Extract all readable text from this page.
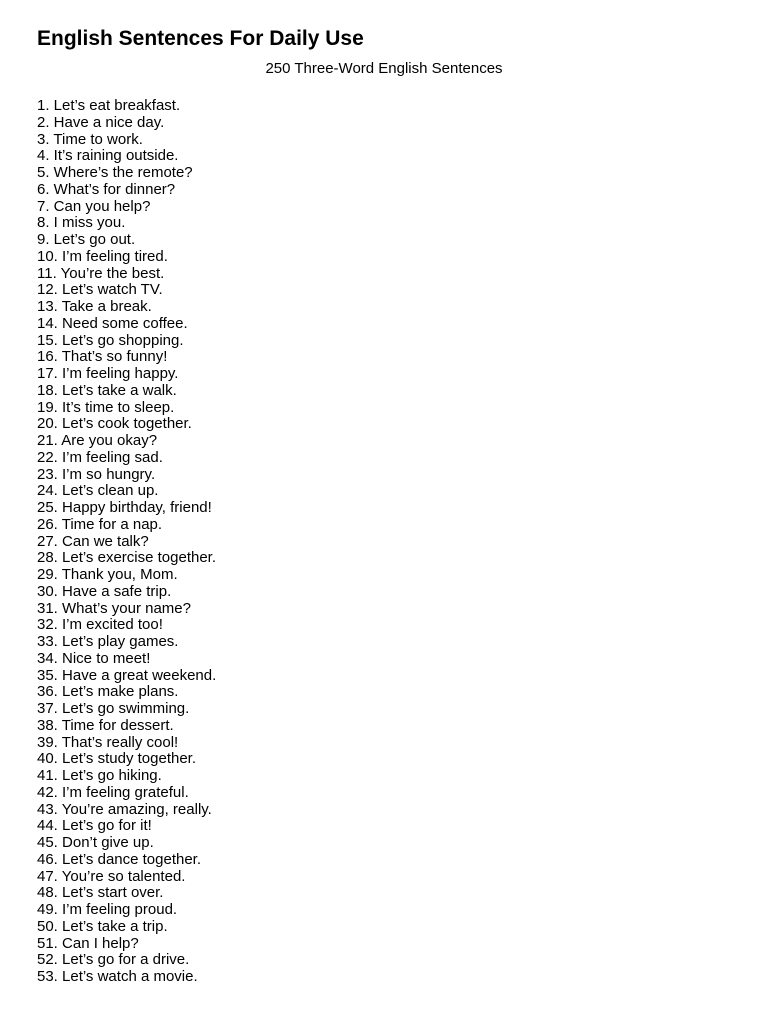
English Sentences For Daily Use

250 Three-Word English Sentences

1. Let’s eat breakfast.
2. Have a nice day.
3. Time to work.
4. It’s raining outside.
5. Where’s the remote?
6. What’s for dinner?
7. Can you help?
8. I miss you.
9. Let’s go out.
10. I’m feeling tired.
11. You’re the best.
12. Let’s watch TV.
13. Take a break.
14. Need some coffee.
15. Let’s go shopping.
16. That’s so funny!
17. I’m feeling happy.
18. Let’s take a walk.
19. It’s time to sleep.
20. Let’s cook together.
21. Are you okay?
22. I’m feeling sad.
23. I’m so hungry.
24. Let’s clean up.
25. Happy birthday, friend!
26. Time for a nap.
27. Can we talk?
28. Let’s exercise together.
29. Thank you, Mom.
30. Have a safe trip.
31. What’s your name?
32. I’m excited too!
33. Let’s play games.
34. Nice to meet!
35. Have a great weekend.
36. Let’s make plans.
37. Let’s go swimming.
38. Time for dessert.
39. That’s really cool!
40. Let’s study together.
41. Let’s go hiking.
42. I’m feeling grateful.
43. You’re amazing, really.
44. Let’s go for it!
45. Don’t give up.
46. Let’s dance together.
47. You’re so talented.
48. Let’s start over.
49. I’m feeling proud.
50. Let’s take a trip.
51. Can I help?
52. Let’s go for a drive.
53. Let’s watch a movie.
